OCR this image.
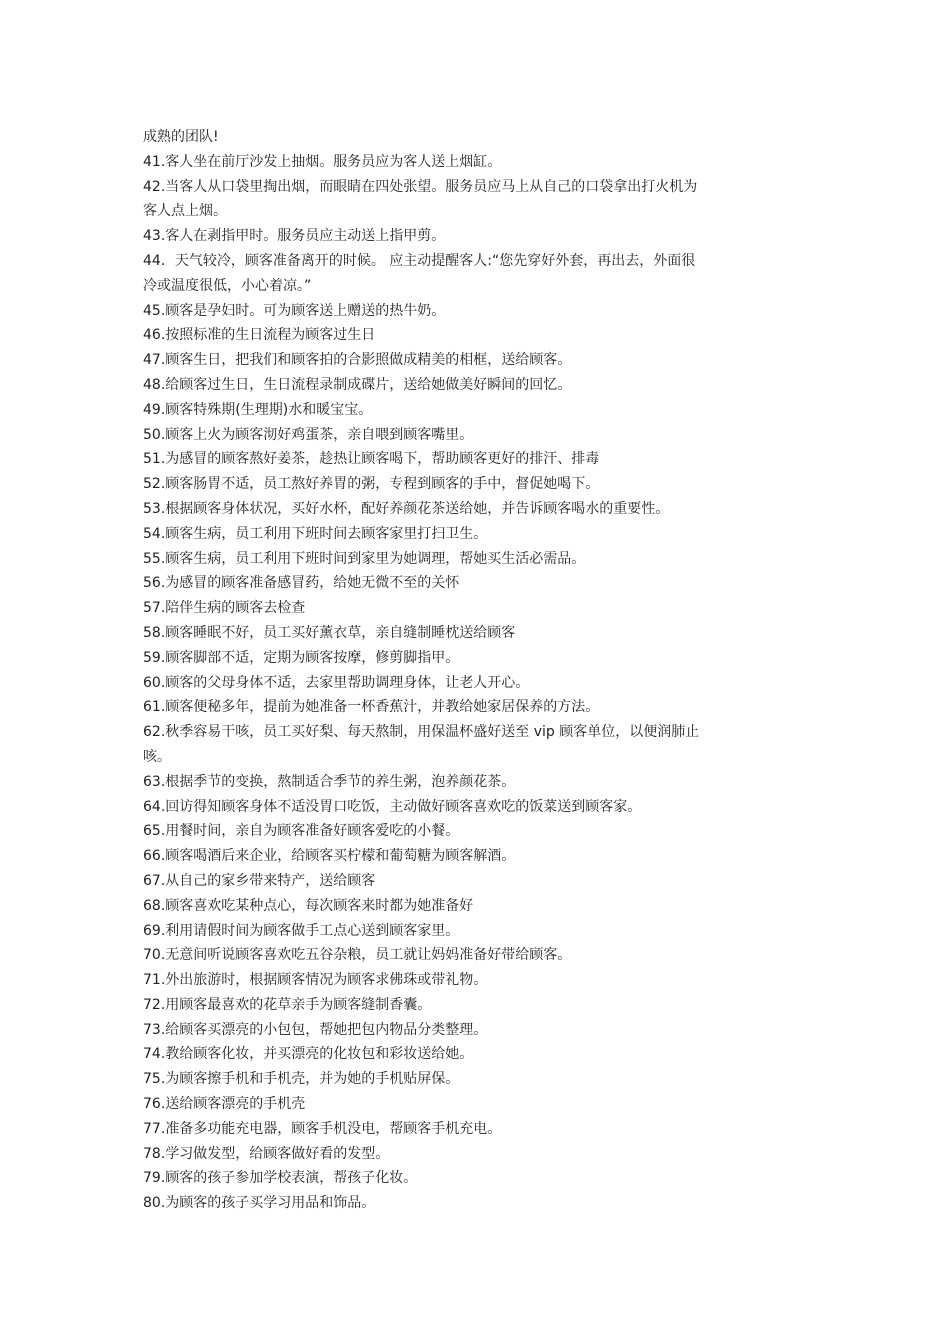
成熟的团队!
41.客人坐在前厅沙发上抽烟。服务员应为客人送上烟缸。
42.当客人从口袋里掏出烟，而眼睛在四处张望。服务员应马上从自己的口袋拿出打火机为
客人点上烟。
43.客人在剥指甲时。服务员应主动送上指甲剪。
44．天气较冷，顾客准备离开的时候。 应主动提醒客人:“您先穿好外套，再出去，外面很
冷或温度很低，小心着凉。”
45.顾客是孕妇时。可为顾客送上赠送的热牛奶。
46.按照标准的生日流程为顾客过生日
47.顾客生日，把我们和顾客拍的合影照做成精美的相框，送给顾客。
48.给顾客过生日，生日流程录制成碟片，送给她做美好瞬间的回忆。
49.顾客特殊期(生理期)水和暖宝宝。
50.顾客上火为顾客沏好鸡蛋茶，亲自喂到顾客嘴里。
51.为感冒的顾客熬好姜茶，趁热让顾客喝下，帮助顾客更好的排汗、排毒
52.顾客肠胃不适，员工熬好养胃的粥，专程到顾客的手中，督促她喝下。
53.根据顾客身体状况，买好水杯，配好养颜花茶送给她，并告诉顾客喝水的重要性。
54.顾客生病，员工利用下班时间去顾客家里打扫卫生。
55.顾客生病，员工利用下班时间到家里为她调理，帮她买生活必需品。
56.为感冒的顾客准备感冒药，给她无微不至的关怀
57.陪伴生病的顾客去检查
58.顾客睡眠不好，员工买好薰衣草，亲自缝制睡枕送给顾客
59.顾客脚部不适，定期为顾客按摩，修剪脚指甲。
60.顾客的父母身体不适，去家里帮助调理身体，让老人开心。
61.顾客便秘多年，提前为她准备一杯香蕉汁，并教给她家居保养的方法。
62.秋季容易干咳，员工买好梨、每天熬制，用保温杯盛好送至 vip 顾客单位，以便润肺止
咳。
63.根据季节的变换，熬制适合季节的养生粥，泡养颜花茶。
64.回访得知顾客身体不适没胃口吃饭，主动做好顾客喜欢吃的饭菜送到顾客家。
65.用餐时间，亲自为顾客准备好顾客爱吃的小餐。
66.顾客喝酒后来企业，给顾客买柠檬和葡萄糖为顾客解酒。
67.从自己的家乡带来特产，送给顾客
68.顾客喜欢吃某种点心，每次顾客来时都为她准备好
69.利用请假时间为顾客做手工点心送到顾客家里。
70.无意间听说顾客喜欢吃五谷杂粮，员工就让妈妈准备好带给顾客。
71.外出旅游时，根据顾客情况为顾客求佛珠或带礼物。
72.用顾客最喜欢的花草亲手为顾客缝制香囊。
73.给顾客买漂亮的小包包，帮她把包内物品分类整理。
74.教给顾客化妆，并买漂亮的化妆包和彩妆送给她。
75.为顾客擦手机和手机壳，并为她的手机贴屏保。
76.送给顾客漂亮的手机壳
77.准备多功能充电器，顾客手机没电，帮顾客手机充电。
78.学习做发型，给顾客做好看的发型。
79.顾客的孩子参加学校表演，帮孩子化妆。
80.为顾客的孩子买学习用品和饰品。
